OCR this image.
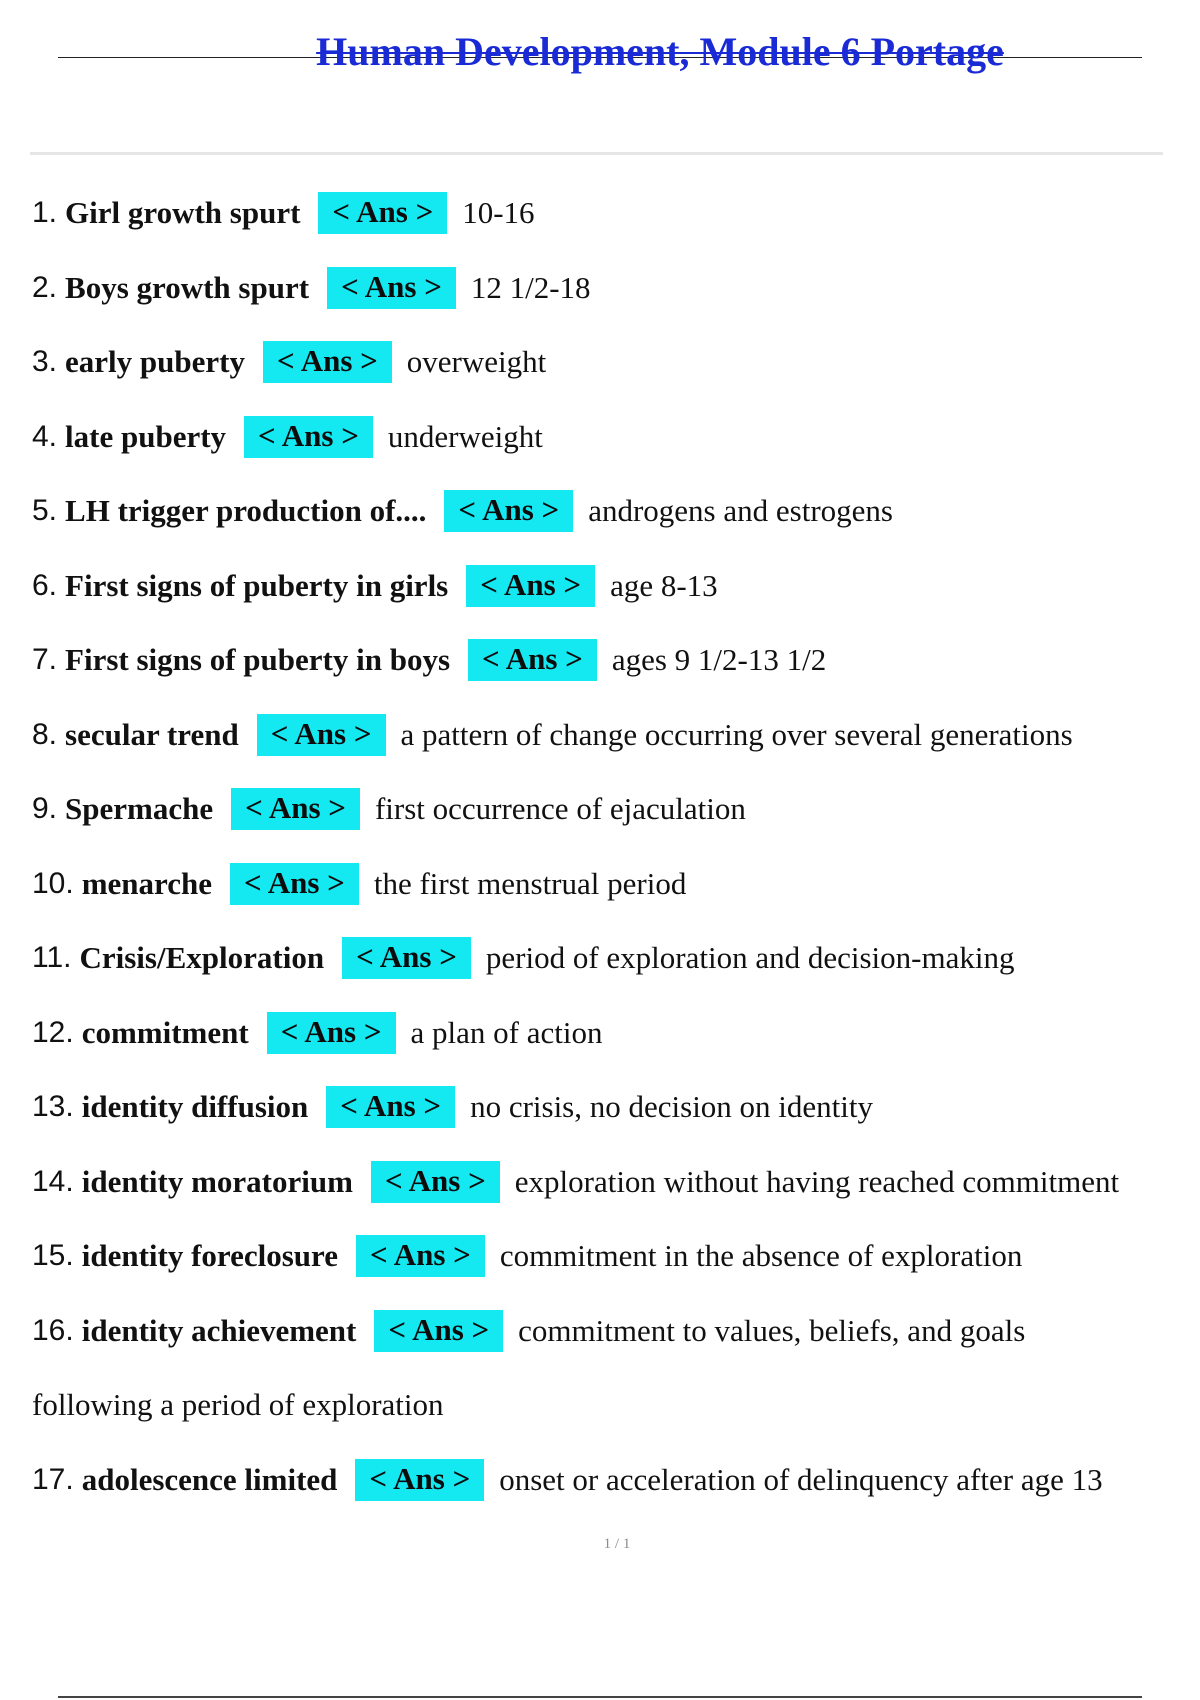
Human Development, Module 6 Portage
1. Girl growth spurt	< Ans > 10-16
2. Boys growth spurt	< Ans > 12 1/2-18
3. early puberty	< Ans > overweight
4. late puberty	< Ans > underweight
5. LH trigger production of....	< Ans > androgens and estrogens
6. First signs of puberty in girls	< Ans > age 8-13
7. First signs of puberty in boys	< Ans > ages 9 1/2-13 1/2
8. secular trend	< Ans > a pattern of change occurring over several generations
9. Spermache	< Ans > first occurrence of ejaculation
10. menarche	< Ans > the first menstrual period
11. Crisis/Exploration	< Ans > period of exploration and decision-making
12. commitment	< Ans > a plan of action
13. identity diffusion	< Ans > no crisis, no decision on identity
14. identity moratorium	< Ans > exploration without having reached commitment
15. identity foreclosure	< Ans > commitment in the absence of exploration
16. identity achievement	< Ans > commitment to values, beliefs, and goals
following a period of exploration
17. adolescence limited	< Ans > onset or acceleration of delinquency after age 13
1 / 1
